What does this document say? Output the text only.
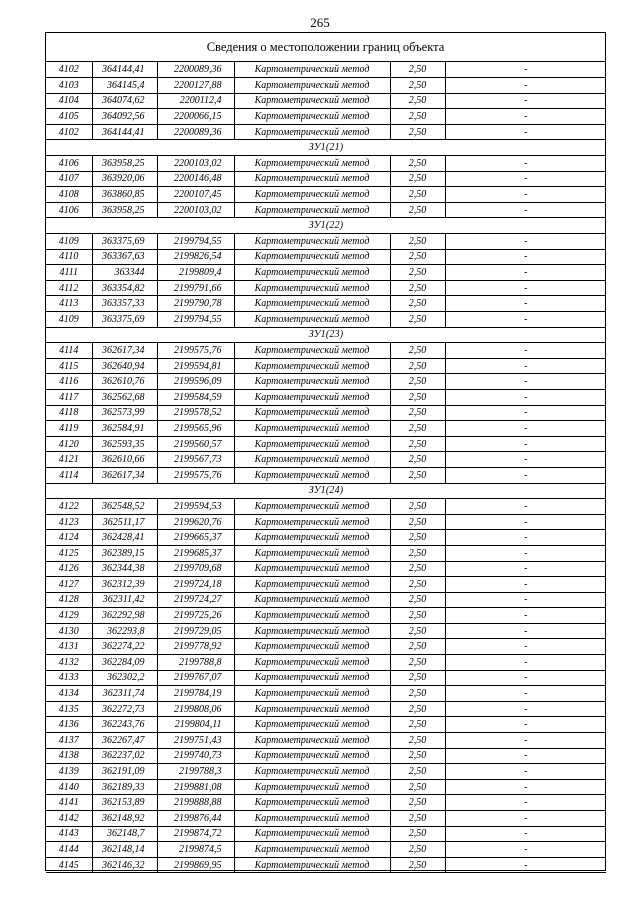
265
Сведения о местоположении границ объекта
4102	364144,41	2200089,36	Картометрический метод	2,50	-
4103	364145,4	2200127,88	Картометрический метод	2,50	-
4104	364074,62	2200112,4	Картометрический метод	2,50	-
4105	364092,56	2200066,15	Картометрический метод	2,50	-
4102	364144,41	2200089,36	Картометрический метод	2,50	-
ЗУ1(21)					
4106	363958,25	2200103,02	Картометрический метод	2,50	-
4107	363920,06	2200146,48	Картометрический метод	2,50	-
4108	363860,85	2200107,45	Картометрический метод	2,50	-
4106	363958,25	2200103,02	Картометрический метод	2,50	-
ЗУ1(22)					
4109	363375,69	2199794,55	Картометрический метод	2,50	-
4110	363367,63	2199826,54	Картометрический метод	2,50	-
4111	363344	2199809,4	Картометрический метод	2,50	-
4112	363354,82	2199791,66	Картометрический метод	2,50	-
4113	363357,33	2199790,78	Картометрический метод	2,50	-
4109	363375,69	2199794,55	Картометрический метод	2,50	-
ЗУ1(23)					
4114	362617,34	2199575,76	Картометрический метод	2,50	-
4115	362640,94	2199594,81	Картометрический метод	2,50	-
4116	362610,76	2199596,09	Картометрический метод	2,50	-
4117	362562,68	2199584,59	Картометрический метод	2,50	-
4118	362573,99	2199578,52	Картометрический метод	2,50	-
4119	362584,91	2199565,96	Картометрический метод	2,50	-
4120	362593,35	2199560,57	Картометрический метод	2,50	-
4121	362610,66	2199567,73	Картометрический метод	2,50	-
4114	362617,34	2199575,76	Картометрический метод	2,50	-
ЗУ1(24)					
4122	362548,52	2199594,53	Картометрический метод	2,50	-
4123	362511,17	2199620,76	Картометрический метод	2,50	-
4124	362428,41	2199665,37	Картометрический метод	2,50	-
4125	362389,15	2199685,37	Картометрический метод	2,50	-
4126	362344,38	2199709,68	Картометрический метод	2,50	-
4127	362312,39	2199724,18	Картометрический метод	2,50	-
4128	362311,42	2199724,27	Картометрический метод	2,50	-
4129	362292,98	2199725,26	Картометрический метод	2,50	-
4130	362293,8	2199729,05	Картометрический метод	2,50	-
4131	362274,22	2199778,92	Картометрический метод	2,50	-
4132	362284,09	2199788,8	Картометрический метод	2,50	-
4133	362302,2	2199767,07	Картометрический метод	2,50	-
4134	362311,74	2199784,19	Картометрический метод	2,50	-
4135	362272,73	2199808,06	Картометрический метод	2,50	-
4136	362243,76	2199804,11	Картометрический метод	2,50	-
4137	362267,47	2199751,43	Картометрический метод	2,50	-
4138	362237,02	2199740,73	Картометрический метод	2,50	-
4139	362191,09	2199788,3	Картометрический метод	2,50	-
4140	362189,33	2199881,08	Картометрический метод	2,50	-
4141	362153,89	2199888,88	Картометрический метод	2,50	-
4142	362148,92	2199876,44	Картометрический метод	2,50	-
4143	362148,7	2199874,72	Картометрический метод	2,50	-
4144	362148,14	2199874,5	Картометрический метод	2,50	-
4145	362146,32	2199869,95	Картометрический метод	2,50	-
